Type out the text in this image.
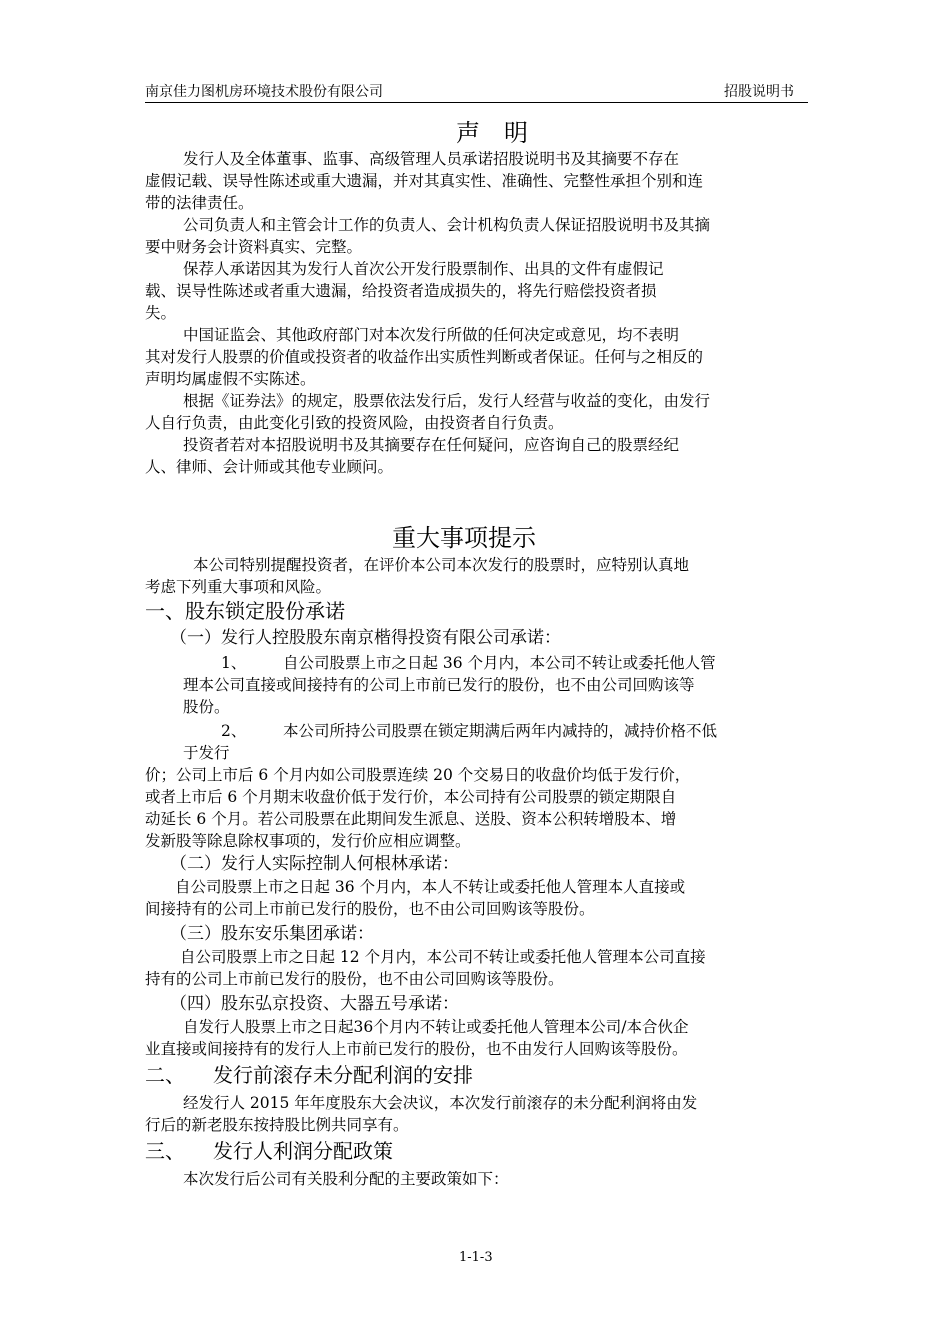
南京佳力图机房环境技术股份有限公司	招股说明书
声　明
发行人及全体董事、监事、高级管理人员承诺招股说明书及其摘要不存在
虚假记载、误导性陈述或重大遗漏，并对其真实性、准确性、完整性承担个别和连
带的法律责任。
公司负责人和主管会计工作的负责人、会计机构负责人保证招股说明书及其摘
要中财务会计资料真实、完整。
保荐人承诺因其为发行人首次公开发行股票制作、出具的文件有虚假记
载、误导性陈述或者重大遗漏，给投资者造成损失的，将先行赔偿投资者损
失。
中国证监会、其他政府部门对本次发行所做的任何决定或意见，均不表明
其对发行人股票的价值或投资者的收益作出实质性判断或者保证。任何与之相反的
声明均属虚假不实陈述。
根据《证券法》的规定，股票依法发行后，发行人经营与收益的变化，由发行
人自行负责，由此变化引致的投资风险，由投资者自行负责。
投资者若对本招股说明书及其摘要存在任何疑问，应咨询自己的股票经纪
人、律师、会计师或其他专业顾问。
重大事项提示
本公司特别提醒投资者，在评价本公司本次发行的股票时，应特别认真地
考虑下列重大事项和风险。
一、股东锁定股份承诺
（一）发行人控股股东南京楷得投资有限公司承诺：
1、 自公司股票上市之日起 36 个月内，本公司不转让或委托他人管
理本公司直接或间接持有的公司上市前已发行的股份，也不由公司回购该等
股份。
2、 本公司所持公司股票在锁定期满后两年内减持的，减持价格不低
于发行
价；公司上市后 6 个月内如公司股票连续 20 个交易日的收盘价均低于发行价，
或者上市后 6 个月期末收盘价低于发行价，本公司持有公司股票的锁定期限自
动延长 6 个月。若公司股票在此期间发生派息、送股、资本公积转增股本、增
发新股等除息除权事项的，发行价应相应调整。
（二）发行人实际控制人何根林承诺：
自公司股票上市之日起 36 个月内，本人不转让或委托他人管理本人直接或
间接持有的公司上市前已发行的股份，也不由公司回购该等股份。
（三）股东安乐集团承诺：
自公司股票上市之日起 12 个月内，本公司不转让或委托他人管理本公司直接
持有的公司上市前已发行的股份，也不由公司回购该等股份。
（四）股东弘京投资、大器五号承诺：
自发行人股票上市之日起36个月内不转让或委托他人管理本公司/本合伙企
业直接或间接持有的发行人上市前已发行的股份，也不由发行人回购该等股份。
二、 发行前滚存未分配利润的安排
经发行人 2015 年年度股东大会决议，本次发行前滚存的未分配利润将由发
行后的新老股东按持股比例共同享有。
三、 发行人利润分配政策
本次发行后公司有关股利分配的主要政策如下：
1-1-3
